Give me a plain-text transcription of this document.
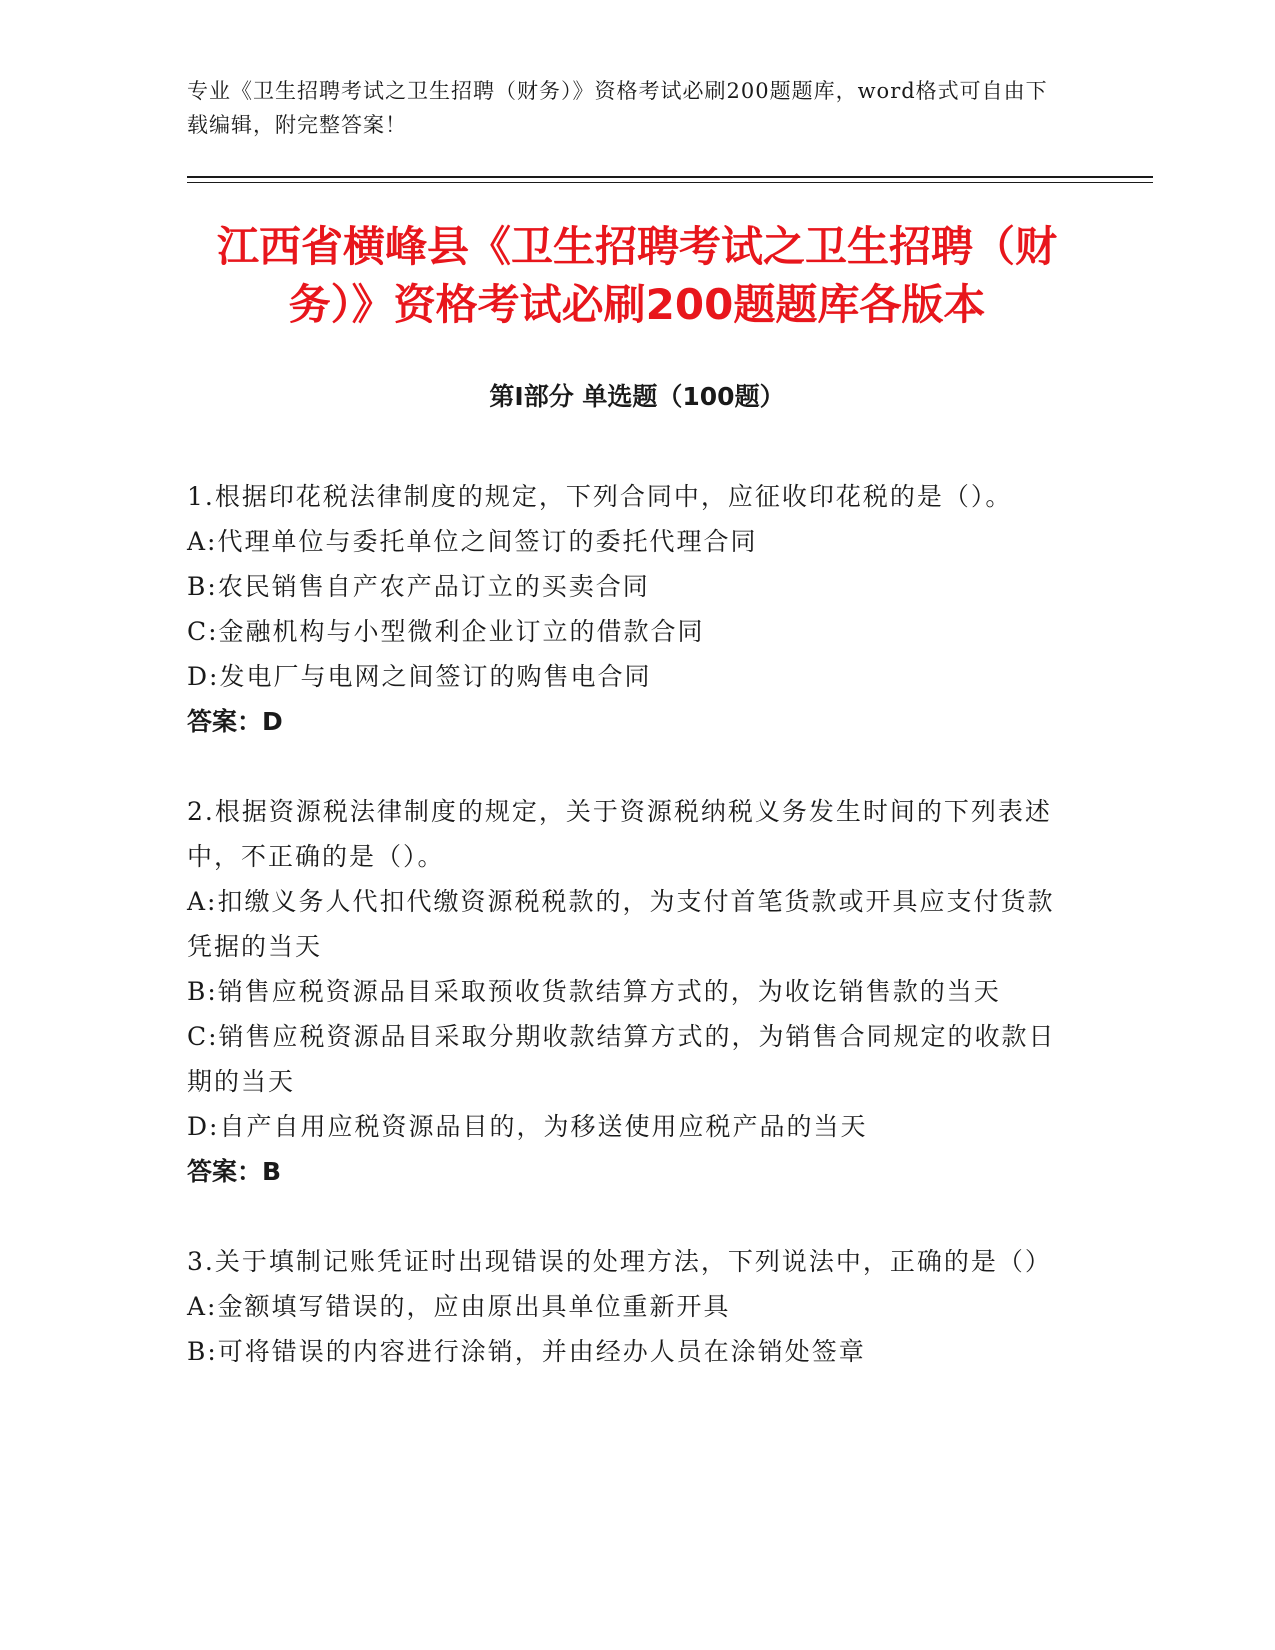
专业《卫生招聘考试之卫生招聘（财务）》资格考试必刷200题题库，word格式可自由下载编辑，附完整答案！
江西省横峰县《卫生招聘考试之卫生招聘（财务）》资格考试必刷200题题库各版本
第Ⅰ部分 单选题（100题）

1.根据印花税法律制度的规定，下列合同中，应征收印花税的是（）。

A:代理单位与委托单位之间签订的委托代理合同

B:农民销售自产农产品订立的买卖合同

C:金融机构与小型微利企业订立的借款合同

D:发电厂与电网之间签订的购售电合同

答案：D

2.根据资源税法律制度的规定，关于资源税纳税义务发生时间的下列表述中，不正确的是（）。

A:扣缴义务人代扣代缴资源税税款的，为支付首笔货款或开具应支付货款凭据的当天

B:销售应税资源品目采取预收货款结算方式的，为收讫销售款的当天

C:销售应税资源品目采取分期收款结算方式的，为销售合同规定的收款日期的当天

D:自产自用应税资源品目的，为移送使用应税产品的当天

答案：B

3.关于填制记账凭证时出现错误的处理方法，下列说法中，正确的是（）

A:金额填写错误的，应由原出具单位重新开具

B:可将错误的内容进行涂销，并由经办人员在涂销处签章
